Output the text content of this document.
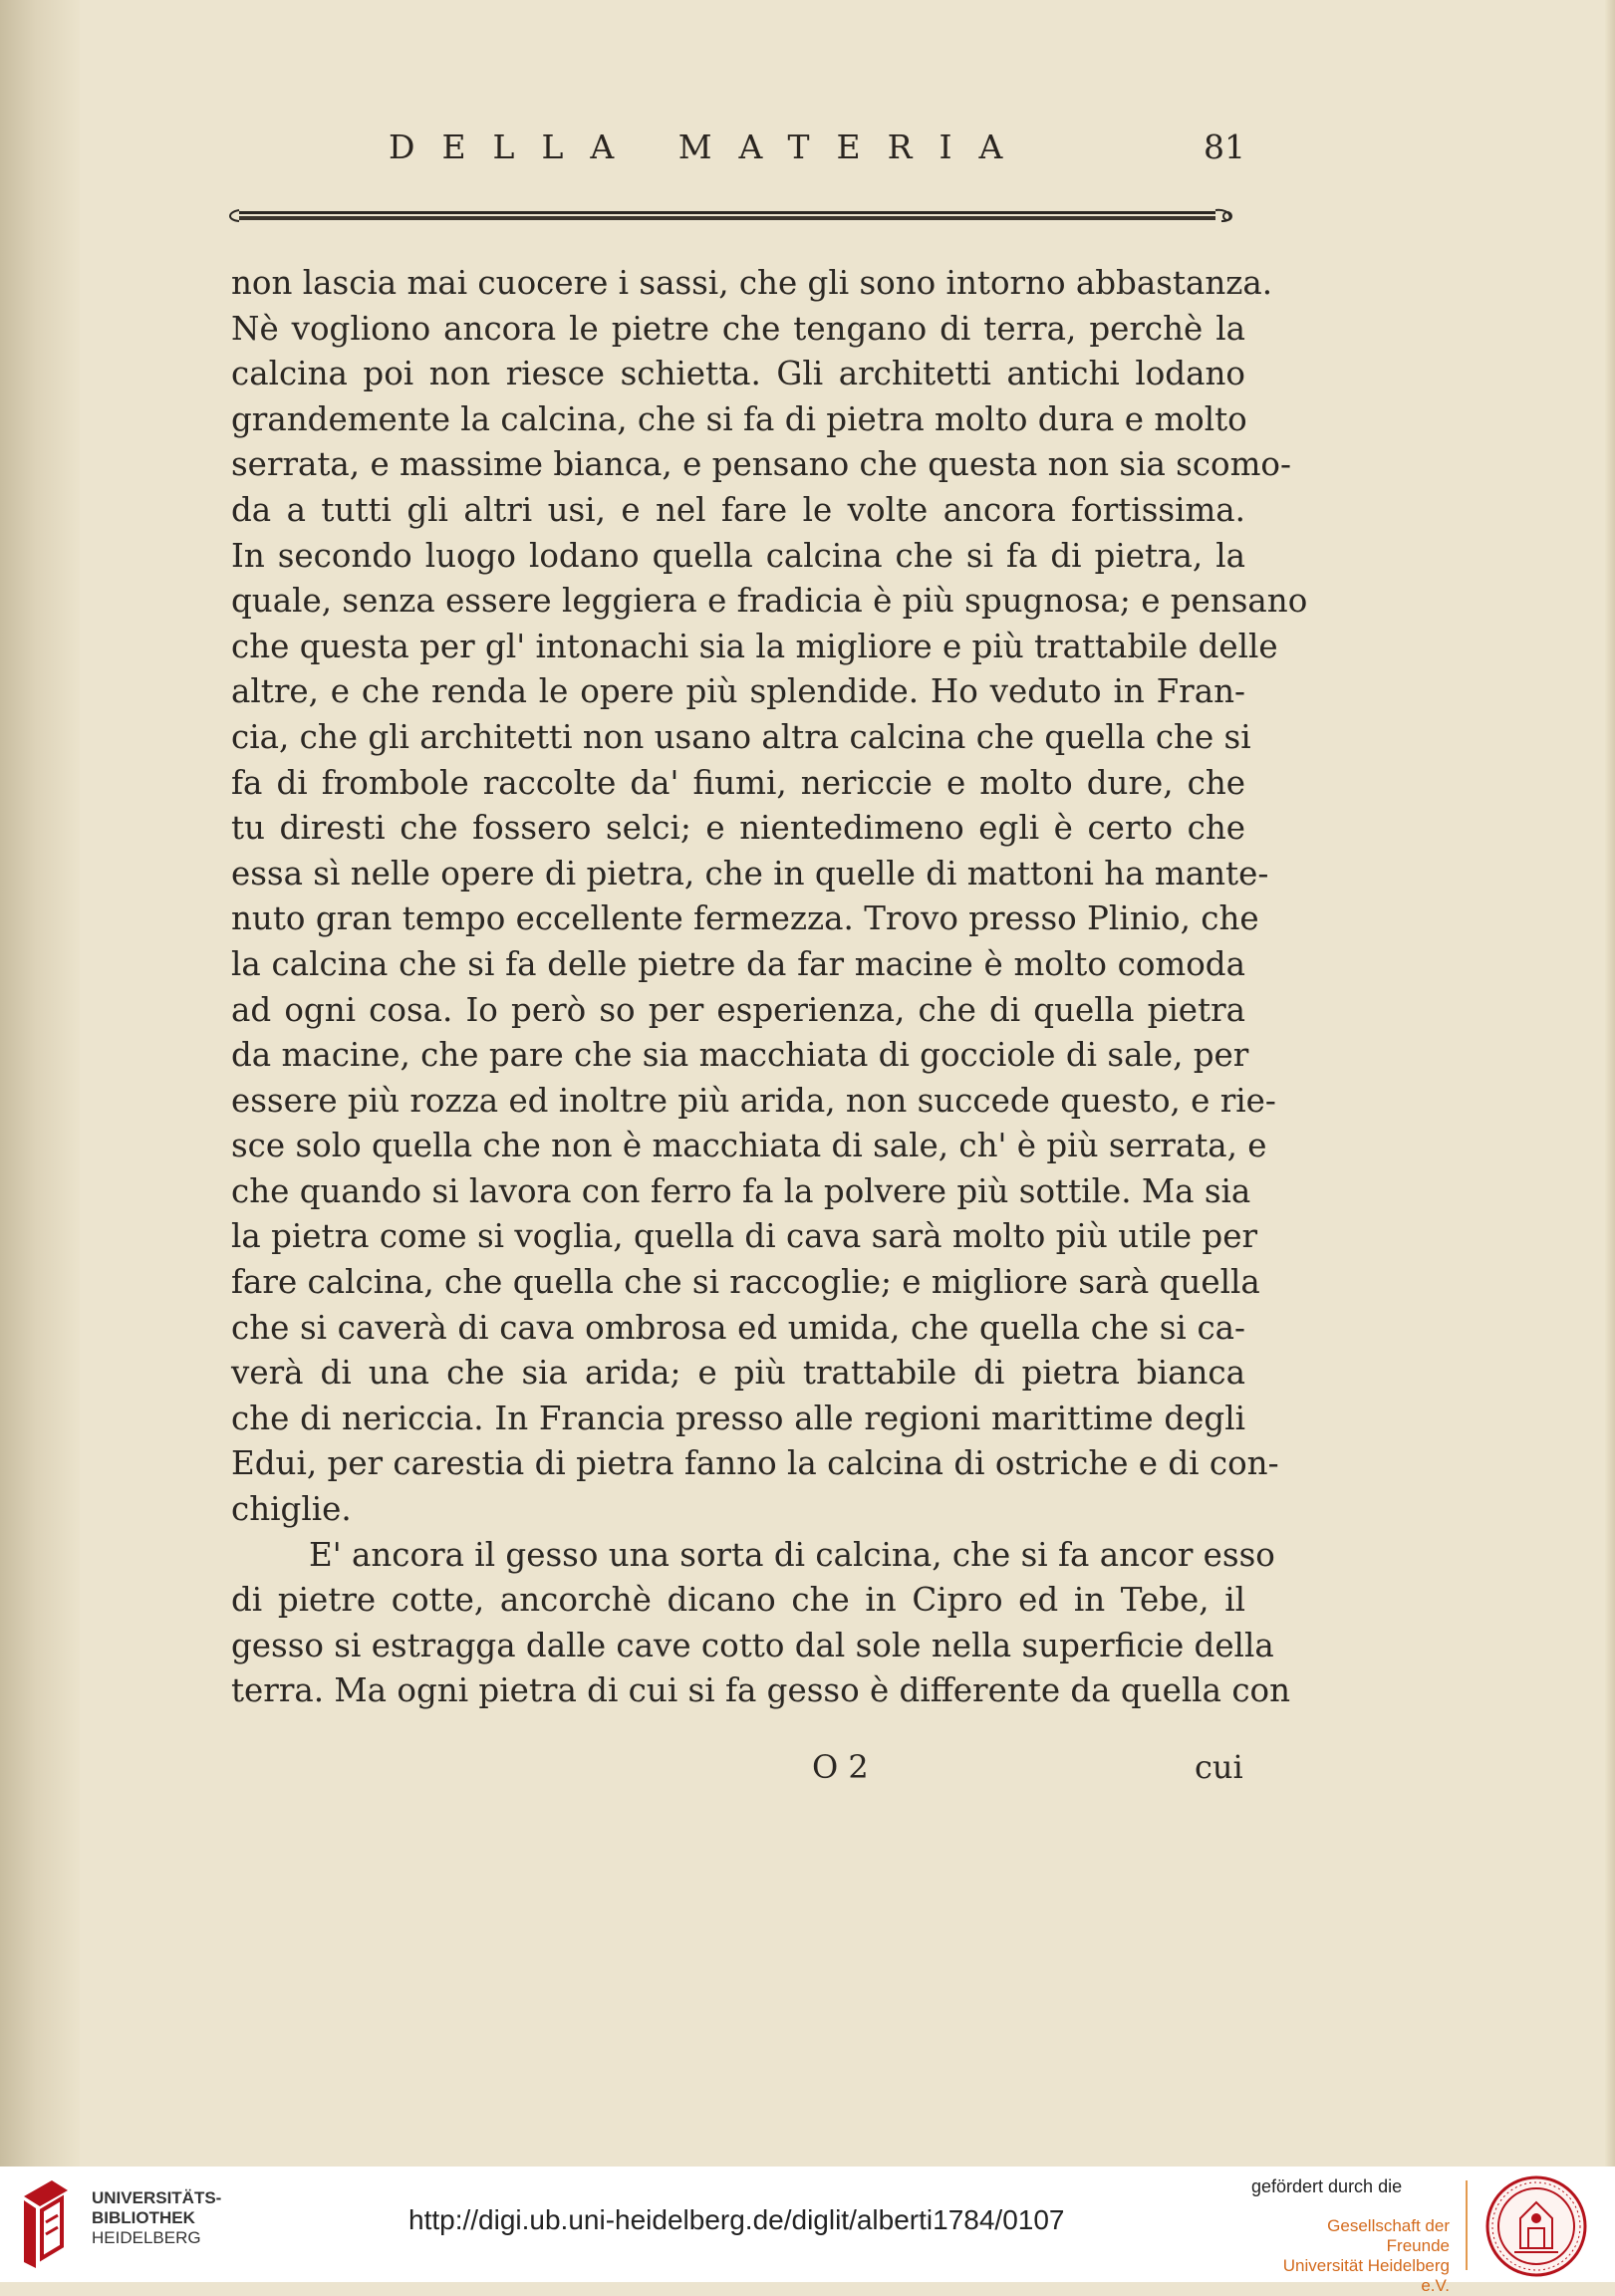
DELLA MATERIA	81
non lascia mai cuocere i sassi, che gli sono intorno abbastanza.
Nè vogliono ancora le pietre che tengano di terra, perchè la
calcina poi non riesce schietta. Gli architetti antichi lodano
grandemente la calcina, che si fa di pietra molto dura e molto
serrata, e massime bianca, e pensano che questa non sia scomo-
da a tutti gli altri usi, e nel fare le volte ancora fortissima.
In secondo luogo lodano quella calcina che si fa di pietra, la
quale, senza essere leggiera e fradicia è più spugnosa; e pensano
che questa per gl' intonachi sia la migliore e più trattabile delle
altre, e che renda le opere più splendide. Ho veduto in Fran-
cia, che gli architetti non usano altra calcina che quella che si
fa di frombole raccolte da' fiumi, nericcie e molto dure, che
tu diresti che fossero selci; e nientedimeno egli è certo che
essa sì nelle opere di pietra, che in quelle di mattoni ha mante-
nuto gran tempo eccellente fermezza. Trovo presso Plinio, che
la calcina che si fa delle pietre da far macine è molto comoda
ad ogni cosa. Io però so per esperienza, che di quella pietra
da macine, che pare che sia macchiata di gocciole di sale, per
essere più rozza ed inoltre più arida, non succede questo, e rie-
sce solo quella che non è macchiata di sale, ch' è più serrata, e
che quando si lavora con ferro fa la polvere più sottile. Ma sia
la pietra come si voglia, quella di cava sarà molto più utile per
fare calcina, che quella che si raccoglie; e migliore sarà quella
che si caverà di cava ombrosa ed umida, che quella che si ca-
verà di una che sia arida; e più trattabile di pietra bianca
che di nericcia. In Francia presso alle regioni marittime degli
Edui, per carestia di pietra fanno la calcina di ostriche e di con-
chiglie.
E' ancora il gesso una sorta di calcina, che si fa ancor esso
di pietre cotte, ancorchè dicano che in Cipro ed in Tebe, il
gesso si estragga dalle cave cotto dal sole nella superficie della
terra. Ma ogni pietra di cui si fa gesso è differente da quella con
O 2	cui
UNIVERSITÄTS-
BIBLIOTHEK
HEIDELBERG
http://digi.ub.uni-heidelberg.de/diglit/alberti1784/0107
gefördert durch die
Gesellschaft der Freunde
Universität Heidelberg e.V.
